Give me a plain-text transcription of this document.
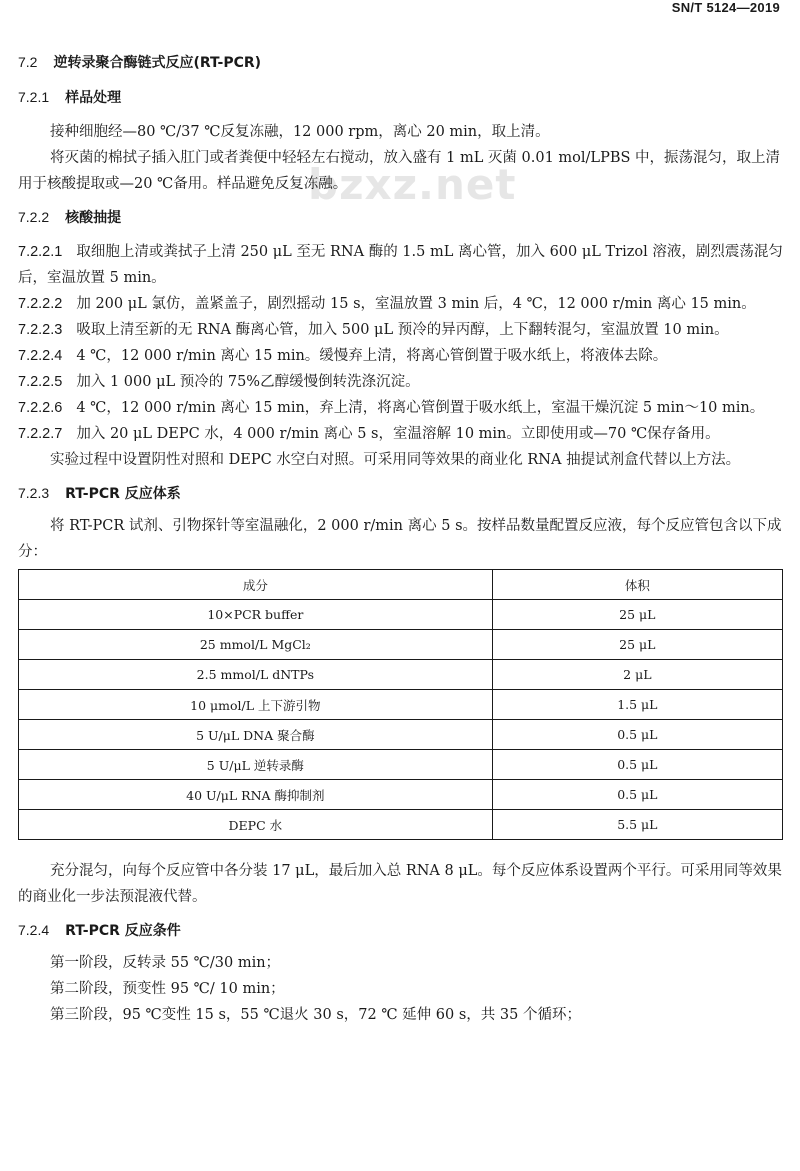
SN/T 5124—2019
bzxz.net
7.2 逆转录聚合酶链式反应(RT-PCR)
7.2.1 样品处理

接种细胞经—80 ℃/37 ℃反复冻融，12 000 rpm，离心 20 min，取上清。

将灭菌的棉拭子插入肛门或者粪便中轻轻左右搅动，放入盛有 1 mL 灭菌 0.01 mol/LPBS 中，振荡混匀，取上清用于核酸提取或—20 ℃备用。样品避免反复冻融。

7.2.2 核酸抽提

7.2.2.1 取细胞上清或粪拭子上清 250 μL 至无 RNA 酶的 1.5 mL 离心管，加入 600 μL Trizol 溶液，剧烈震荡混匀后，室温放置 5 min。

7.2.2.2 加 200 μL 氯仿，盖紧盖子，剧烈摇动 15 s，室温放置 3 min 后，4 ℃，12 000 r/min 离心 15 min。

7.2.2.3 吸取上清至新的无 RNA 酶离心管，加入 500 μL 预冷的异丙醇，上下翻转混匀，室温放置 10 min。

7.2.2.4 4 ℃，12 000 r/min 离心 15 min。缓慢弃上清，将离心管倒置于吸水纸上，将液体去除。

7.2.2.5 加入 1 000 μL 预冷的 75%乙醇缓慢倒转洗涤沉淀。

7.2.2.6 4 ℃，12 000 r/min 离心 15 min，弃上清，将离心管倒置于吸水纸上，室温干燥沉淀 5 min～10 min。

7.2.2.7 加入 20 μL DEPC 水，4 000 r/min 离心 5 s，室温溶解 10 min。立即使用或—70 ℃保存备用。

实验过程中设置阴性对照和 DEPC 水空白对照。可采用同等效果的商业化 RNA 抽提试剂盒代替以上方法。

7.2.3 RT-PCR 反应体系

将 RT-PCR 试剂、引物探针等室温融化，2 000 r/min 离心 5 s。按样品数量配置反应液，每个反应管包含以下成分：

成分	体积
10×PCR buffer	25 μL
25 mmol/L MgCl₂	25 μL
2.5 mmol/L dNTPs	2 μL
10 μmol/L 上下游引物	1.5 μL
5 U/μL DNA 聚合酶	0.5 μL
5 U/μL 逆转录酶	0.5 μL
40 U/μL RNA 酶抑制剂	0.5 μL
DEPC 水	5.5 μL

充分混匀，向每个反应管中各分装 17 μL，最后加入总 RNA 8 μL。每个反应体系设置两个平行。可采用同等效果的商业化一步法预混液代替。

7.2.4 RT-PCR 反应条件

第一阶段，反转录 55 ℃/30 min；

第二阶段，预变性 95 ℃/ 10 min；

第三阶段，95 ℃变性 15 s，55 ℃退火 30 s，72 ℃ 延伸 60 s，共 35 个循环；
